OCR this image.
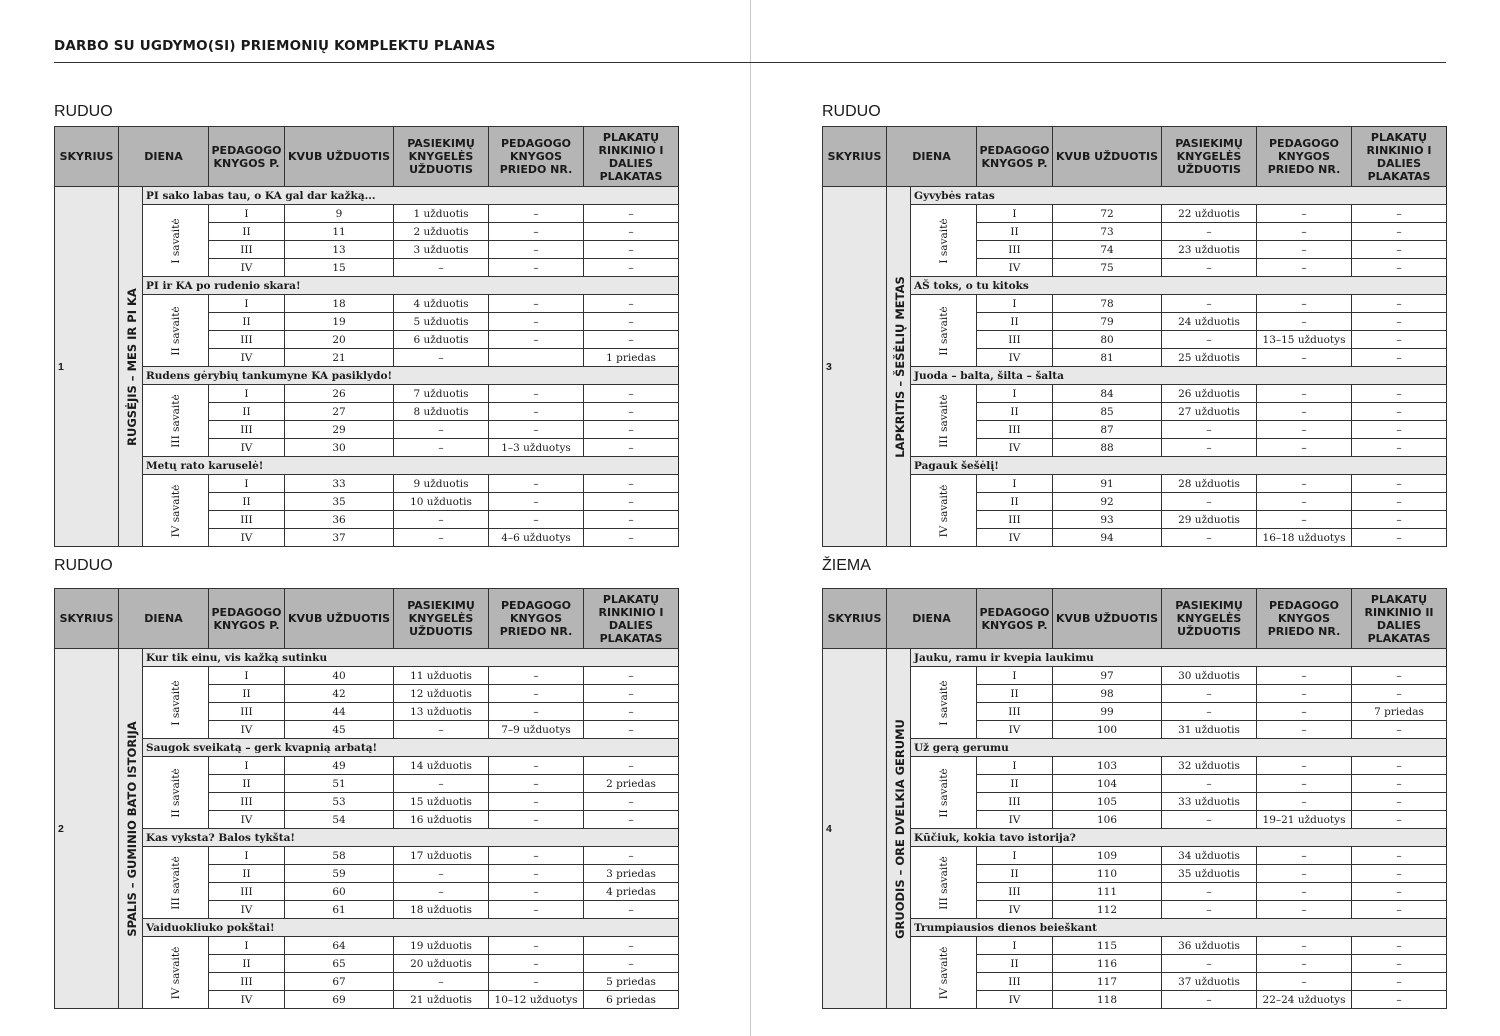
DARBO SU UGDYMO(SI) PRIEMONIŲ KOMPLEKTU PLANAS
RUDUO
RUDUO
RUDUO
ŽIEMA
SKYRIUS	DIENA		PEDAGOGO KNYGOS P.	KVUB UŽDUOTIS	PASIEKIMŲ KNYGELĖS UŽDUOTIS	PEDAGOGO KNYGOS PRIEDO NR.	PLAKATŲ RINKINIO I DALIES PLAKATAS	
1	RUGSĖJIS – MES IR PI KA	PI sako labas tau, o KA gal dar kažką...						

		I savaitė	I	9	1 užduotis	–	–	
			II	11	2 užduotis	–	–	
			III	13	3 užduotis	–	–	
			IV	15	–	–	–	
		PI ir KA po rudenio skara!						

		II savaitė	I	18	4 užduotis	–	–	
			II	19	5 užduotis	–	–	
			III	20	6 užduotis	–	–	
			IV	21	–		1 priedas	
		Rudens gėrybių tankumyne KA pasiklydo!						

		III savaitė	I	26	7 užduotis	–	–	
			II	27	8 užduotis	–	–	
			III	29	–	–	–	
			IV	30	–	1–3 užduotys	–	
		Metų rato karuselė!						

		IV savaitė	I	33	9 užduotis	–	–	
			II	35	10 užduotis	–	–	
			III	36	–	–	–	
			IV	37	–	4–6 užduotys	–	
SKYRIUS	DIENA		PEDAGOGO KNYGOS P.	KVUB UŽDUOTIS	PASIEKIMŲ KNYGELĖS UŽDUOTIS	PEDAGOGO KNYGOS PRIEDO NR.	PLAKATŲ RINKINIO I DALIES PLAKATAS	
2	SPALIS – GUMINIO BATO ISTORIJA	Kur tik einu, vis kažką sutinku						

		I savaitė	I	40	11 užduotis	–	–	
			II	42	12 užduotis	–	–	
			III	44	13 užduotis	–	–	
			IV	45	–	7–9 užduotys	–	
		Saugok sveikatą – gerk kvapnią arbatą!						

		II savaitė	I	49	14 užduotis	–	–	
			II	51	–	–	2 priedas	
			III	53	15 užduotis	–	–	
			IV	54	16 užduotis	–	–	
		Kas vyksta? Balos tykšta!						

		III savaitė	I	58	17 užduotis	–	–	
			II	59	–	–	3 priedas	
			III	60	–	–	4 priedas	
			IV	61	18 užduotis	–	–	
		Vaiduokliuko pokštai!						

		IV savaitė	I	64	19 užduotis	–	–	
			II	65	20 užduotis	–	–	
			III	67	–	–	5 priedas	
			IV	69	21 užduotis	10–12 užduotys	6 priedas	
SKYRIUS	DIENA		PEDAGOGO KNYGOS P.	KVUB UŽDUOTIS	PASIEKIMŲ KNYGELĖS UŽDUOTIS	PEDAGOGO KNYGOS PRIEDO NR.	PLAKATŲ RINKINIO I DALIES PLAKATAS	
3	LAPKRITIS – ŠEŠĖLIŲ METAS	Gyvybės ratas						

		I savaitė	I	72	22 užduotis	–	–	
			II	73	–	–	–	
			III	74	23 užduotis	–	–	
			IV	75	–	–	–	
		AŠ toks, o tu kitoks						

		II savaitė	I	78	–	–	–	
			II	79	24 užduotis	–	–	
			III	80	–	13–15 užduotys	–	
			IV	81	25 užduotis	–	–	
		Juoda – balta, šilta – šalta						

		III savaitė	I	84	26 užduotis	–	–	
			II	85	27 užduotis	–	–	
			III	87	–	–	–	
			IV	88	–	–	–	
		Pagauk šešėlį!						

		IV savaitė	I	91	28 užduotis	–	–	
			II	92	–	–	–	
			III	93	29 užduotis	–	–	
			IV	94	–	16–18 užduotys	–	
SKYRIUS	DIENA		PEDAGOGO KNYGOS P.	KVUB UŽDUOTIS	PASIEKIMŲ KNYGELĖS UŽDUOTIS	PEDAGOGO KNYGOS PRIEDO NR.	PLAKATŲ RINKINIO II DALIES PLAKATAS	
4	GRUODIS – ORE DVELKIA GERUMU	Jauku, ramu ir kvepia laukimu						

		I savaitė	I	97	30 užduotis	–	–	
			II	98	–	–	–	
			III	99	–	–	7 priedas	
			IV	100	31 užduotis	–	–	
		Už gerą gerumu						

		II savaitė	I	103	32 užduotis	–	–	
			II	104	–	–	–	
			III	105	33 užduotis	–	–	
			IV	106	–	19–21 užduotys	–	
		Kūčiuk, kokia tavo istorija?						

		III savaitė	I	109	34 užduotis	–	–	
			II	110	35 užduotis	–	–	
			III	111	–	–	–	
			IV	112	–	–	–	
		Trumpiausios dienos beieškant						

		IV savaitė	I	115	36 užduotis	–	–	
			II	116	–	–	–	
			III	117	37 užduotis	–	–	
			IV	118	–	22–24 užduotys	–	
